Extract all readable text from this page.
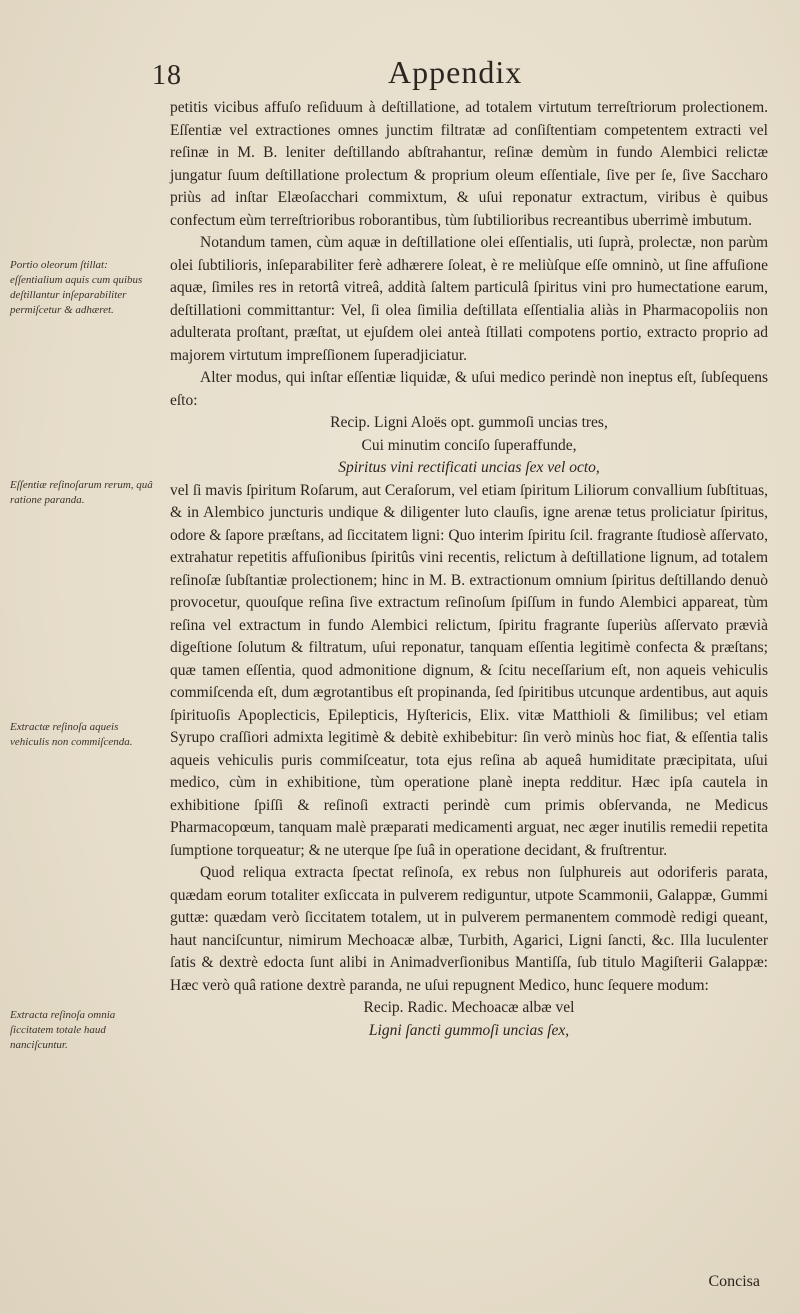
18	Appendix
Portio oleorum ſtillat: eſſentialium aquis cum quibus deſtillantur inſeparabiliter permiſcetur & adhæret.
Eſſentiæ reſinoſarum rerum, quâ ratione paranda.
Extractæ reſinoſa aqueis vehiculis non commiſcenda.
Extracta reſinoſa omnia ſiccitatem totale haud nanciſcuntur.

petitis vicibus affuſo reſiduum à deſtillatione, ad totalem virtutum terreſtriorum prolectionem. Eſſentiæ vel extractiones omnes junctim filtratæ ad conſiſtentiam competentem extracti vel reſinæ in M. B. leniter deſtillando abſtrahantur, reſinæ demùm in fundo Alembici relictæ jungatur ſuum deſtillatione prolectum & proprium oleum eſſentiale, ſive per ſe, ſive Saccharo priùs ad inſtar Elæoſacchari commixtum, & uſui reponatur extractum, viribus è quibus confectum eùm terreſtrioribus roborantibus, tùm ſubtilioribus recreantibus uberrimè imbutum.

Notandum tamen, cùm aquæ in deſtillatione olei eſſentialis, uti ſuprà, prolectæ, non parùm olei ſubtilioris, inſeparabiliter ferè adhærere ſoleat, è re meliùſque eſſe omninò, ut ſine affuſione aquæ, ſimiles res in retortâ vitreâ, addità ſaltem particulâ ſpiritus vini pro humectatione earum, deſtillationi committantur: Vel, ſi olea ſimilia deſtillata eſſentialia aliàs in Pharmacopoliis non adulterata proſtant, præſtat, ut ejuſdem olei anteà ſtillati compotens portio, extracto proprio ad majorem virtutum impreſſionem ſuperadjiciatur.

Alter modus, qui inſtar eſſentiæ liquidæ, & uſui medico perindè non ineptus eſt, ſubſequens eſto:

Recip. Ligni Aloës opt. gummoſi uncias tres,

Cui minutim conciſo ſuperaffunde,

Spiritus vini rectificati uncias ſex vel octo,

vel ſi mavis ſpiritum Roſarum, aut Ceraſorum, vel etiam ſpiritum Liliorum convallium ſubſtituas, & in Alembico juncturis undique & diligenter luto clauſis, igne arenæ tetus proliciatur ſpiritus, odore & ſapore præſtans, ad ſiccitatem ligni: Quo interim ſpiritu ſcil. fragrante ſtudiosè aſſervato, extrahatur repetitis affuſionibus ſpiritûs vini recentis, relictum à deſtillatione lignum, ad totalem reſinoſæ ſubſtantiæ prolectionem; hinc in M. B. extractionum omnium ſpiritus deſtillando denuò provocetur, quouſque reſina ſive extractum reſinoſum ſpiſſum in fundo Alembici appareat, tùm reſina vel extractum in fundo Alembici relictum, ſpiritu fragrante ſuperiùs aſſervato prævià digeſtione ſolutum & filtratum, uſui reponatur, tanquam eſſentia legitimè confecta & præſtans; quæ tamen eſſentia, quod admonitione dignum, & ſcitu neceſſarium eſt, non aqueis vehiculis commiſcenda eſt, dum ægrotantibus eſt propinanda, ſed ſpiritibus utcunque ardentibus, aut aquis ſpirituoſis Apoplecticis, Epilepticis, Hyſtericis, Elix. vitæ Matthioli & ſimilibus; vel etiam Syrupo craſſiori admixta legitimè & debitè exhibebitur: ſin verò minùs hoc fiat, & eſſentia talis aqueis vehiculis puris commiſceatur, tota ejus reſina ab aqueâ humiditate præcipitata, uſui medico, cùm in exhibitione, tùm operatione planè inepta redditur. Hæc ipſa cautela in exhibitione ſpiſſi & reſinoſi extracti perindè cum primis obſervanda, ne Medicus Pharmacopœum, tanquam malè præparati medicamenti arguat, nec æger inutilis remedii repetita ſumptione torqueatur; & ne uterque ſpe ſuâ in operatione decidant, & fruſtrentur.

Quod reliqua extracta ſpectat reſinoſa, ex rebus non ſulphureis aut odoriferis parata, quædam eorum totaliter exſiccata in pulverem rediguntur, utpote Scammonii, Galappæ, Gummi guttæ: quædam verò ſiccitatem totalem, ut in pulverem permanentem commodè redigi queant, haut nanciſcuntur, nimirum Mechoacæ albæ, Turbith, Agarici, Ligni ſancti, &c. Illa luculenter ſatis & dextrè edocta ſunt alibi in Animadverſionibus Mantiſſa, ſub titulo Magiſterii Galappæ: Hæc verò quâ ratione dextrè paranda, ne uſui repugnent Medico, hunc ſequere modum:

Recip. Radic. Mechoacæ albæ vel

Ligni ſancti gummoſi uncias ſex,

Concisa
